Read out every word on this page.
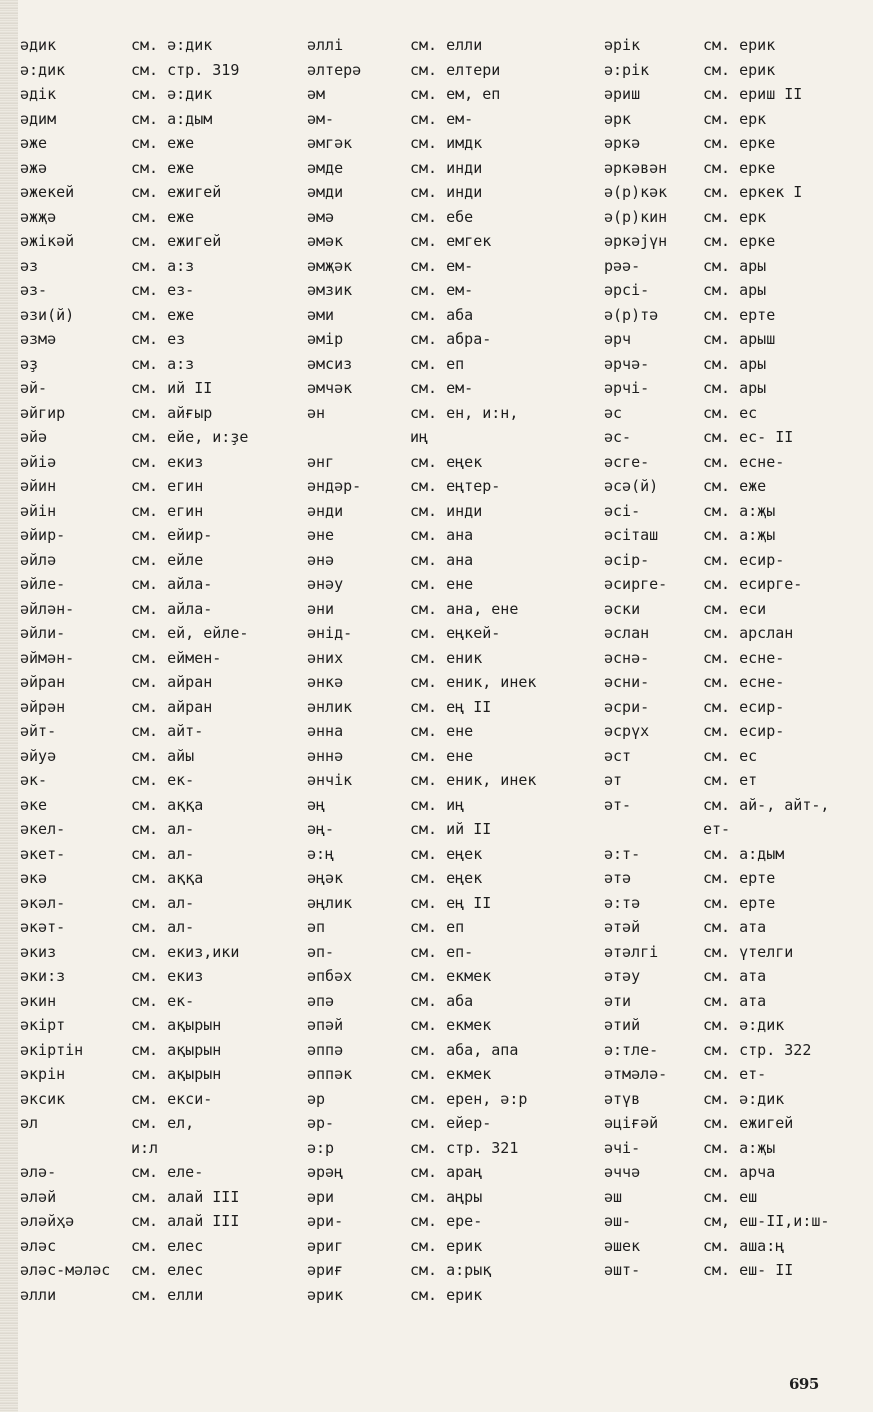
әдик	см. ә:дик
ә:дик	см. стр. 319
әдік	см. ә:дик
әдим	см. а:дым
әже	см. еже
әжә	см. еже
әжекей	см. ежигей
әжҗә	см. еже
әжікәй	см. ежигей
әз	см. а:з
әз-	см. ез-
әзи(й)	см. еже
әзмә	см. ез
әҙ	см. а:з
әй-	см. ий II
әйгир	см. айғыр
әйә	см. ейе, и:ҙе
әйіә	см. екиз
әйин	см. егин
әйін	см. егин
әйир-	см. ейир-
әйлә	см. ейле
әйле-	см. айла-
әйлән-	см. айла-
әйли-	см. ей, ейле-
әймән-	см. еймен-
әйран	см. айран
әйрән	см. айран
әйт-	см. айт-
әйуә	см. айы
әк-	см. ек-
әке	см. аққа
әкел-	см. ал-
әкет-	см. ал-
әкә	см. аққа
әкәл-	см. ал-
әкәт-	см. ал-
әкиз	см. екиз,ики
әки:з	см. екиз
әкин	см. ек-
әкірт	см. ақырын
әкіртін	см. ақырын
әкрін	см. ақырын
әксик	см. екси-
әл	см. ел,
и:л
әлә-	см. еле-
әләй	см. алай III
әләйҳә	см. алай III
әләс	см. елес
әләс-мәләс см. елес
әлли	см. елли
әллі	см. елли
әлтерә	см. елтери
әм	см. ем, еп
әм-	см. ем-
әмгәк	см. имдк
әмде	см. инди
әмди	см. инди
әмә	см. ебе
әмәк	см. емгек
әмҗәк	см. ем-
әмзик	см. ем-
әми	см. аба
әмір	см. абра-
әмсиз	см. еп
әмчәк	см. ем-
ән	см. ен, и:н,
иң
әнг	см. еңек
әндәр-	см. еңтер-
әнди	см. инди
әне	см. ана
әнә	см. ана
әнәу	см. ене
әни	см. ана, ене
әнід-	см. еңкей-
әних	см. еник
әнкә	см. еник, инек
әнлик	см. ең II
әнна	см. ене
әннә	см. ене
әнчік	см. еник, инек
әң	см. иң
әң-	см. ий II
ә:ң	см. еңек
әңәк	см. еңек
әңлик	см. ең II
әп	см. еп
әп-	см. еп-
әпбәх	см. екмек
әпә	см. аба
әпәй	см. екмек
әппә	см. аба, апа
әппәк	см. екмек
әр	см. ерен, ә:р
әр-	см. ейер-
ә:р	см. стр. 321
әрәң	см. араң
әри	см. аңры
әри-	см. ере-
әриг	см. ерик
әриғ	см. а:рық
әрик	см. ерик
әрік	см. ерик
ә:рік	см. ерик
әриш	см. ериш II
әрк	см. ерк
әркә	см. ерке
әркәвән см. ерке
ә(р)кәк см. еркек I
ә(р)кин см. ерк
әркәјүн см. ерке
рәә-	см. ары
әрсі-	см. ары
ә(р)тә	см. ерте
әрч	см. арыш
әрчә-	см. ары
әрчі-	см. ары
әс	см. ес
әс-	см. ес- II
әсге-	см. есне-
әсә(й)	см. еже
әсі-	см. а:җы
әсіташ	см. а:җы
әсір-	см. есир-
әсирге- см. есирге-
әски	см. еси
әслан	см. арслан
әснә-	см. есне-
әсни-	см. есне-
әсри-	см. есир-
әсрүх	см. есир-
әст	см. ес
әт	см. ет
әт-	см. ай-, айт-,
ет-
ә:т-	см. а:дым
әтә	см. ерте
ә:тә	см. ерте
әтәй	см. ата
әтәлгі	см. үтелги
әтәу	см. ата
әти	см. ата
әтий	см. ә:дик
ә:тле-	см. стр. 322
әтмәлә- см. ет-
әтүв	см. ә:дик
әціғәй	см. ежигей
әчі-	см. а:җы
әччә	см. арча
әш	см. еш
әш-	см, еш-II,и:ш-
әшек	см. аша:ң
әшт-	см. еш- II
695
